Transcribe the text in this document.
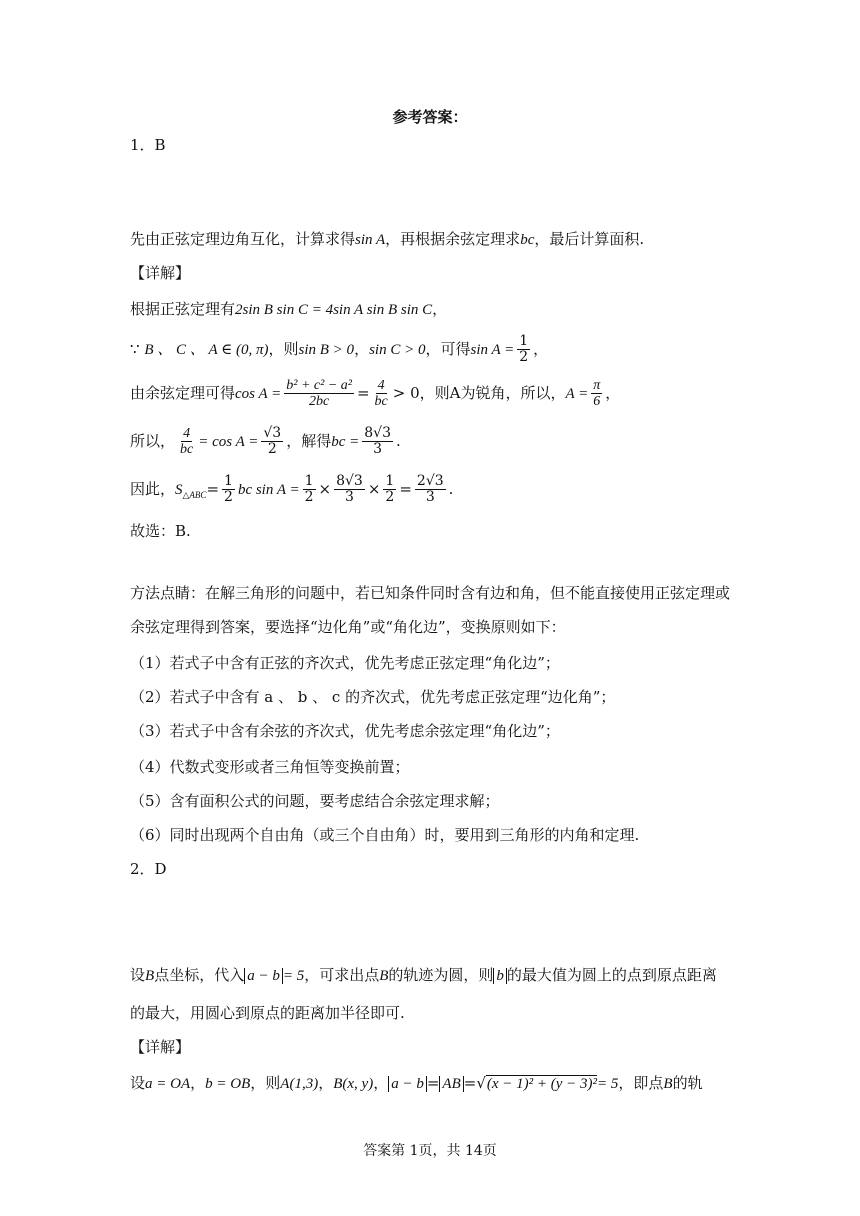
参考答案：
1．B
先由正弦定理边角互化，计算求得sin A，再根据余弦定理求bc，最后计算面积.
【详解】
根据正弦定理有2sin B sin C = 4sin A sin B sin C，
∵ B 、 C 、 A ∈ (0, π)，则sin B > 0，sin C > 0，可得$\sin A = \frac{1}{2}$ ，
由余弦定理可得$\cos A = \frac{\text{b² + c² − a²}}{2bc} = \frac{4}{bc} > 0$，则A为锐角，所以，$A = \frac{\pi}{6}$ ，
所以， $\frac{4}{bc} = \cos A = \frac{√3}{2}$ ，解得bc = $\frac{8√3}{3}$ .
因此，$S_{\triangle ABC}= \frac{1}{2}$ bc $\sin A = \frac{1}{2} \times \frac{8√3}{3} \times \frac{1}{2} = \frac{2√3}{3}$ .
故选：B.
方法点睛：在解三角形的问题中，若已知条件同时含有边和角，但不能直接使用正弦定理或
余弦定理得到答案，要选择“边化角”或“角化边”，变换原则如下：
（1）若式子中含有正弦的齐次式，优先考虑正弦定理“角化边”；
（2）若式子中含有 a 、 b 、 c 的齐次式，优先考虑正弦定理“边化角”；
（3）若式子中含有余弦的齐次式，优先考虑余弦定理“角化边”；
（4）代数式变形或者三角恒等变换前置；
（5）含有面积公式的问题，要考虑结合余弦定理求解；
（6）同时出现两个自由角（或三个自由角）时，要用到三角形的内角和定理.
2．D
设B点坐标，代入 a − b = 5，可求出点B的轨迹为圆，则 b 的最大值为圆上的点到原点距离
的最大，用圆心到原点的距离加半径即可.
【详解】
设a = OA，b = OB，则A(1,3)，B(x, y)， a − b = AB =√(x − 1)² + (y − 3)²= 5，即点B的轨
答案第 1页，共 14页
